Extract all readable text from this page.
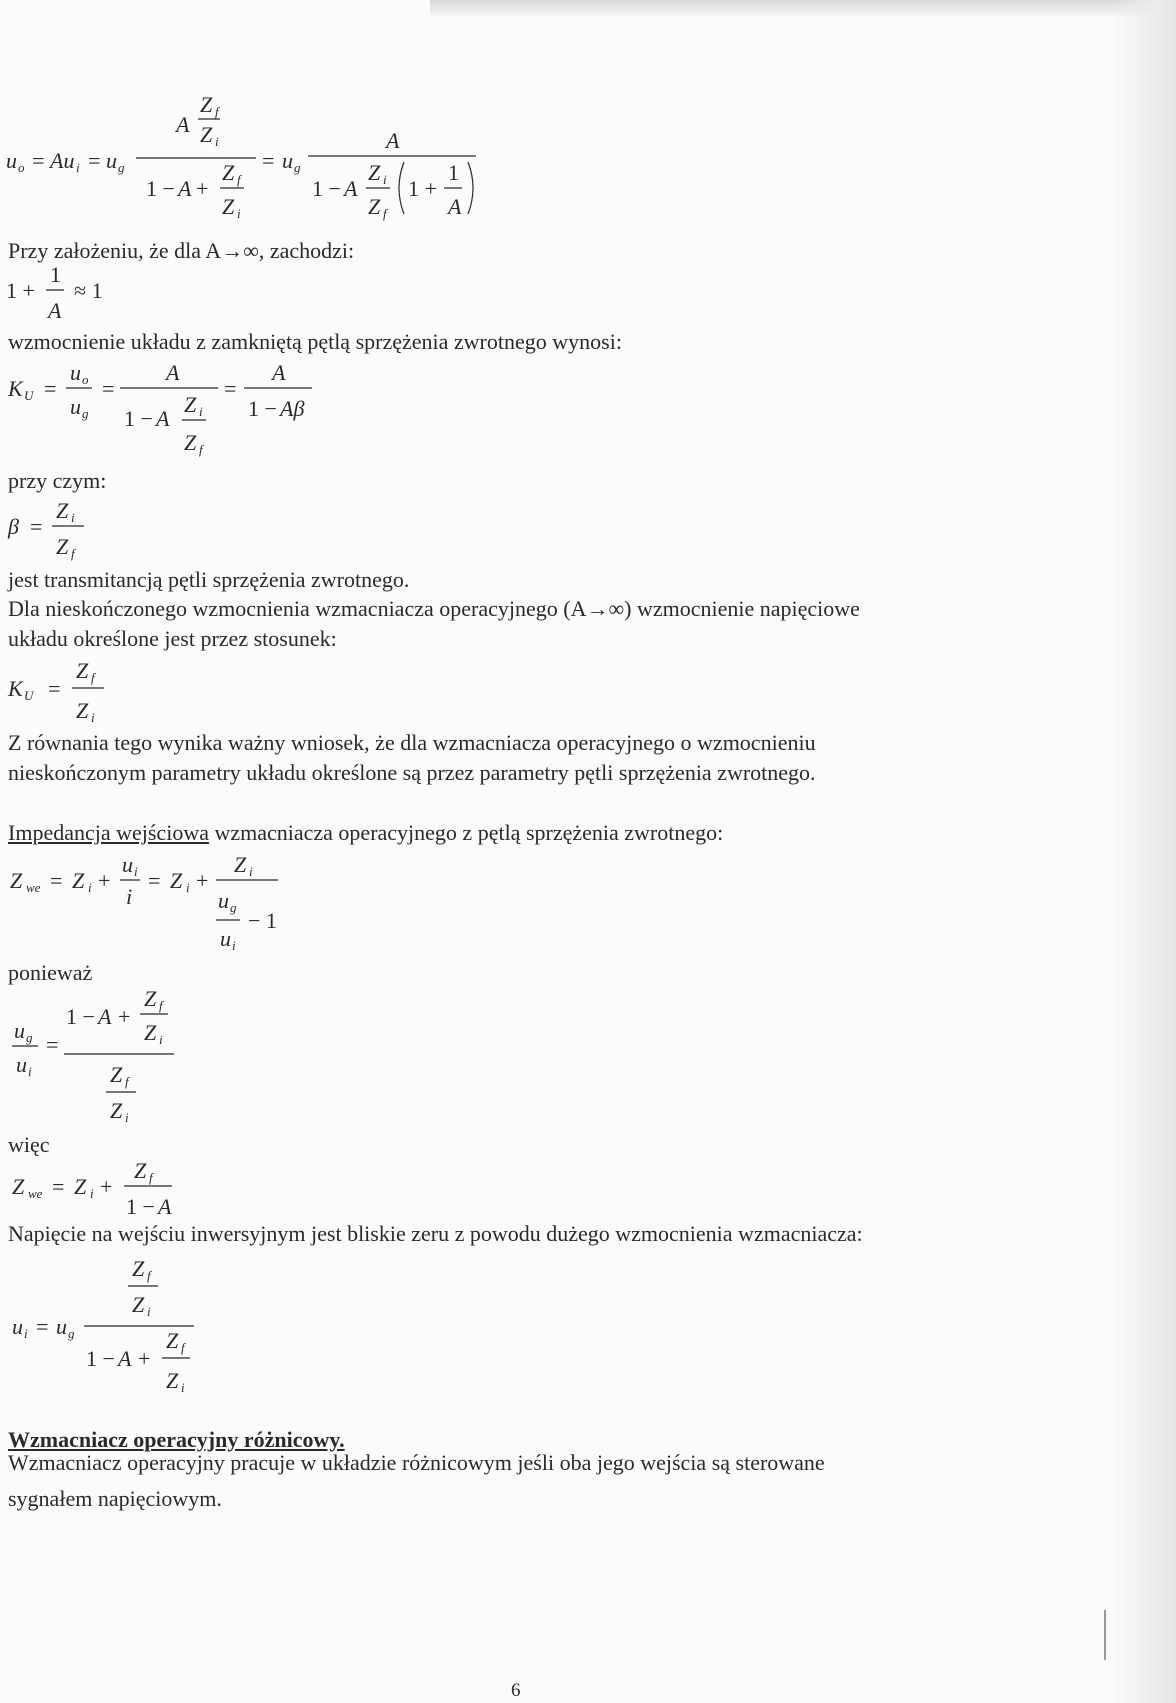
u o = Au i = u g
A
Z f
Z i
1 − A +
Z f
Z i
= u g
A
1 − A
Z i
Z f
1 +
1
A
Przy założeniu, że dla A→∞, zachodzi:
1 +
1
A
≈ 1
wzmocnienie układu z zamkniętą pętlą sprzężenia zwrotnego wynosi:
K U =
u o
u g
=
A
1 − A
Z i
Z f
=
A
1 − Aβ
przy czym:
β =
Z i
Z f
jest transmitancją pętli sprzężenia zwrotnego.
Dla nieskończonego wzmocnienia wzmacniacza operacyjnego (A→∞) wzmocnienie napięciowe
układu określone jest przez stosunek:
K U =
Z f
Z i
Z równania tego wynika ważny wniosek, że dla wzmacniacza operacyjnego o wzmocnieniu
nieskończonym parametry układu określone są przez parametry pętli sprzężenia zwrotnego.
Impedancja wejściowa wzmacniacza operacyjnego z pętlą sprzężenia zwrotnego:
Z we = Z i +
u i
i
= Z i +
Z i
u g
u i
− 1
ponieważ
u g
u i
=
1 − A +
Z f
Z i
Z f
Z i
więc
Z we = Z i +
Z f
1 − A
Napięcie na wejściu inwersyjnym jest bliskie zeru z powodu dużego wzmocnienia wzmacniacza:
Z f
Z i
u i = u g
1 − A +
Z f
Z i
Wzmacniacz operacyjny różnicowy.
Wzmacniacz operacyjny pracuje w układzie różnicowym jeśli oba jego wejścia są sterowane
sygnałem napięciowym.
6
